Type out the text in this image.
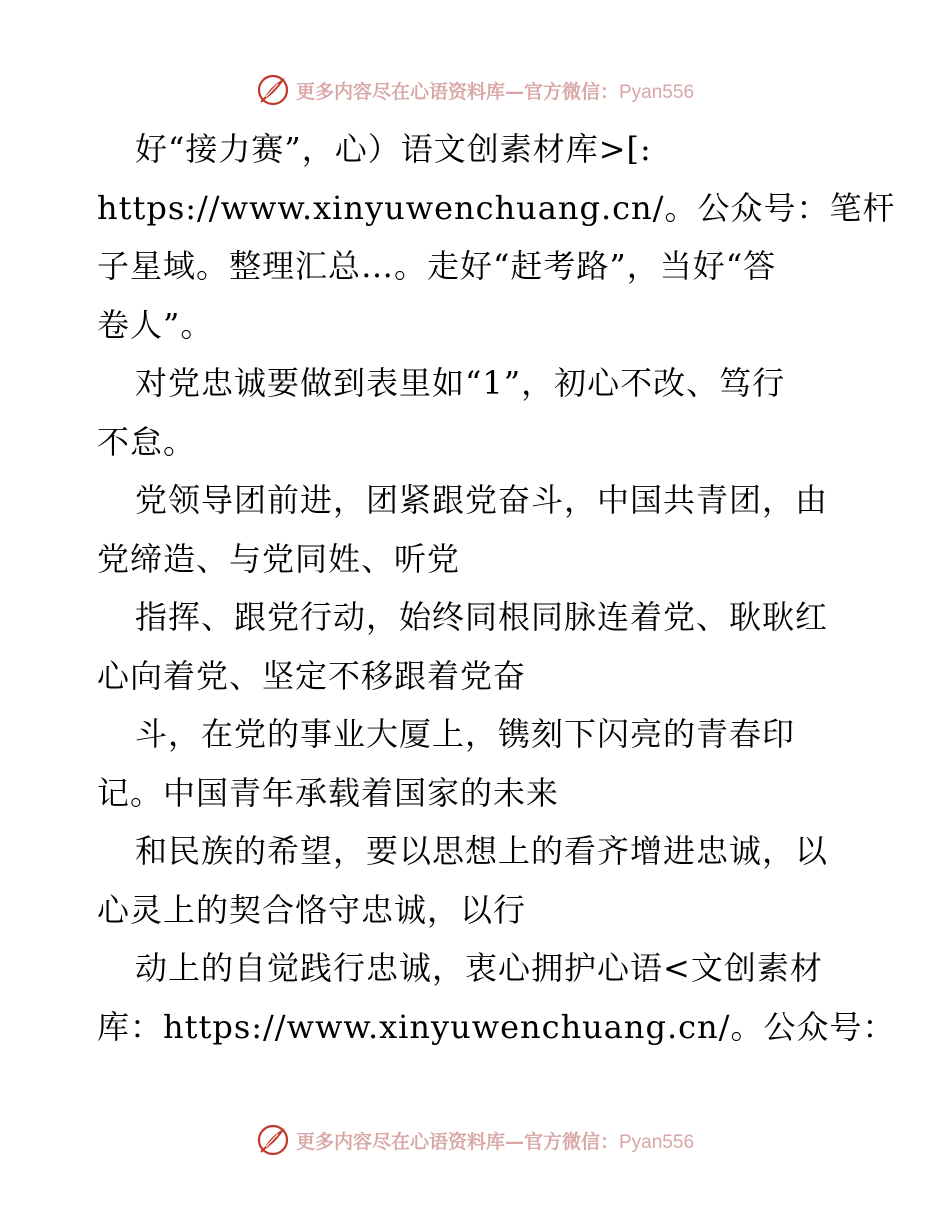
更多内容尽在心语资料库—官方微信：Pyan556
好“接力赛”，心）语文创素材库>[:
https://www.xinyuwenchuang.cn/。公众号：笔杆
子星域。整理汇总…。走好“赶考路”，当好“答
卷人”。
对党忠诚要做到表里如“1”，初心不改、笃行
不怠。
党领导团前进，团紧跟党奋斗，中国共青团，由
党缔造、与党同姓、听党
指挥、跟党行动，始终同根同脉连着党、耿耿红
心向着党、坚定不移跟着党奋
斗，在党的事业大厦上，镌刻下闪亮的青春印
记。中国青年承载着国家的未来
和民族的希望，要以思想上的看齐增进忠诚，以
心灵上的契合恪守忠诚，以行
动上的自觉践行忠诚，衷心拥护心语<文创素材
库：https://www.xinyuwenchuang.cn/。公众号：
更多内容尽在心语资料库—官方微信：Pyan556
